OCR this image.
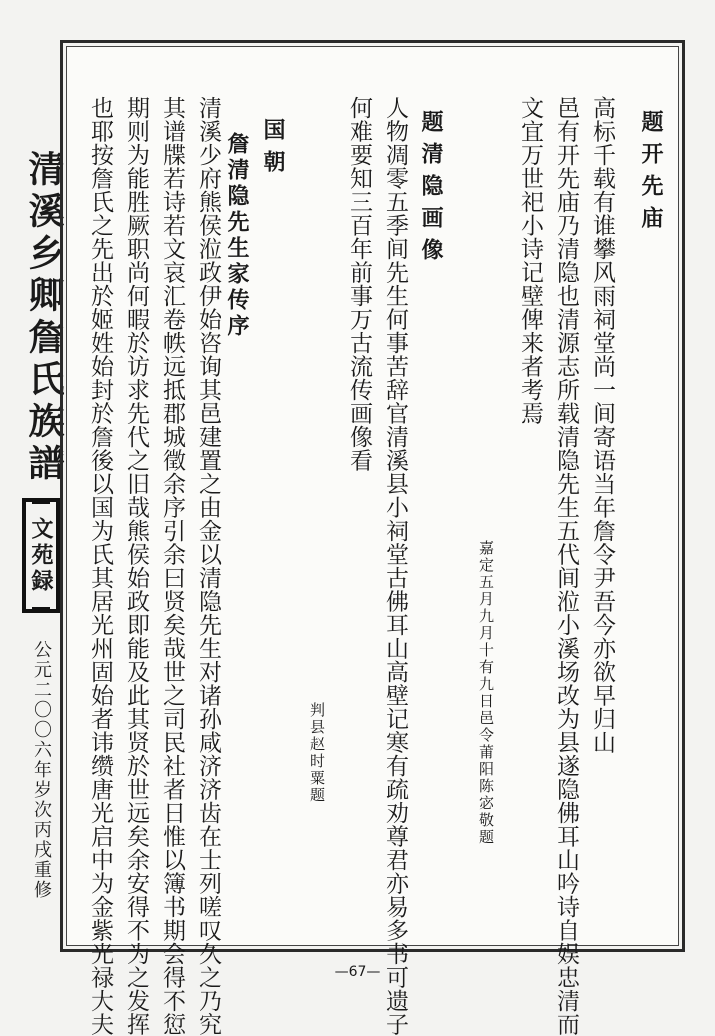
清溪乡卿詹氏族譜
文苑録
公元二〇〇六年岁次丙戌重修
题开先庙
高标千载有谁攀风雨祠堂尚一间寄语当年詹令尹吾今亦欲早归山
邑有开先庙乃清隐也清源志所载清隐先生五代间涖小溪场改为县遂隐佛耳山吟诗自娱忠清而
文宜万世祀小诗记壁俾来者考焉
嘉定五月九月十有九日邑令莆阳陈宓敬题
题清隐画像
人物凋零五季间先生何事苦辞官清溪县小祠堂古佛耳山高壁记寒有疏劝尊君亦易多书可遗子
何难要知三百年前事万古流传画像看
判县赵时粟题
国朝
詹清隐先生家传序
清溪少府熊侯涖政伊始咨询其邑建置之由金以清隐先生对诸孙咸济济齿在士列嗟叹久之乃究
其谱牒若诗若文哀汇卷帙远抵郡城徵余序引余曰贤矣哉世之司民社者日惟以簿书期会得不愆
期则为能胜厥职尚何暇於访求先代之旧哉熊侯始政即能及此其贤於世远矣余安得不为之发挥
也耶按詹氏之先出於姬姓始封於詹後以国为氏其居光州固始者讳缵唐光启中为金紫光禄大夫	—67—
